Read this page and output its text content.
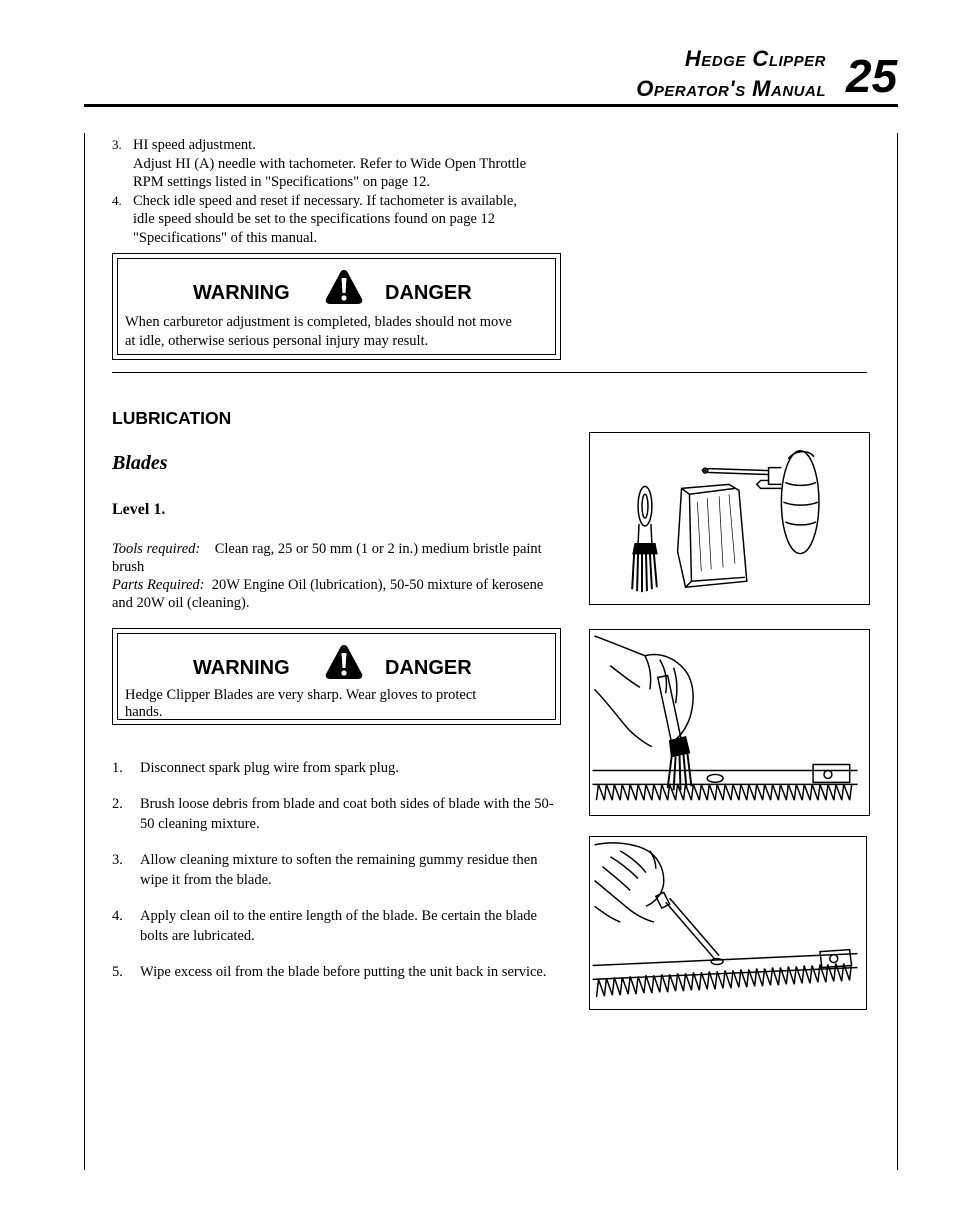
Hedge Clipper
Operator's Manual 25
3. HI speed adjustment.
Adjust HI (A) needle with tachometer. Refer to Wide Open Throttle
RPM settings listed in "Specifications" on page 12.
4. Check idle speed and reset if necessary. If tachometer is available,
idle speed should be set to the specifications found on page 12
"Specifications" of this manual.
WARNING	DANGER
When carburetor adjustment is completed, blades should not move
at idle, otherwise serious personal injury may result.
LUBRICATION
Blades
Level 1.
Tools required: Clean rag, 25 or 50 mm (1 or 2 in.) medium bristle paint brush
Parts Required: 20W Engine Oil (lubrication), 50-50 mixture of kerosene and 20W oil (cleaning).
WARNING	DANGER
Hedge Clipper Blades are very sharp. Wear gloves to protect
hands.
1. Disconnect spark plug wire from spark plug.
2. Brush loose debris from blade and coat both sides of blade with the 50-50 cleaning mixture.
3. Allow cleaning mixture to soften the remaining gummy residue then wipe it from the blade.
4. Apply clean oil to the entire length of the blade. Be certain the blade bolts are lubricated.
5. Wipe excess oil from the blade before putting the unit back in service.
